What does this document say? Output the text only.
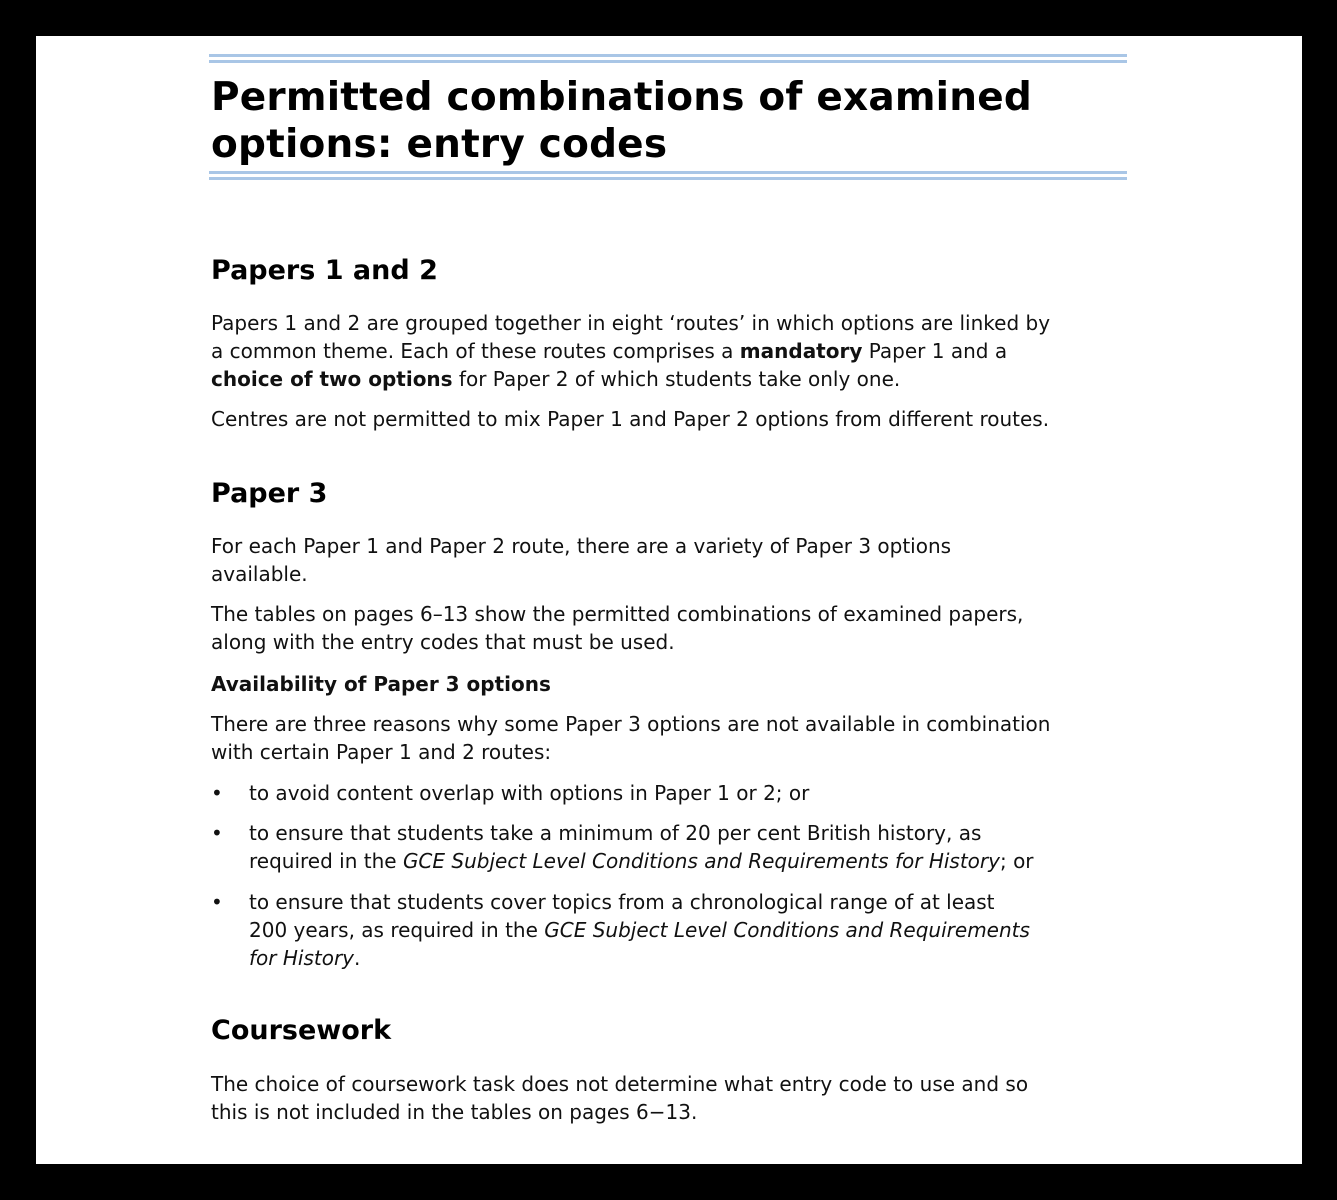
Permitted combinations of examined
options: entry codes
Papers 1 and 2

Papers 1 and 2 are grouped together in eight ‘routes’ in which options are linked by
a common theme. Each of these routes comprises a mandatory Paper 1 and a
choice of two options for Paper 2 of which students take only one.

Centres are not permitted to mix Paper 1 and Paper 2 options from different routes.

Paper 3

For each Paper 1 and Paper 2 route, there are a variety of Paper 3 options
available.

The tables on pages 6–13 show the permitted combinations of examined papers,
along with the entry codes that must be used.

Availability of Paper 3 options

There are three reasons why some Paper 3 options are not available in combination
with certain Paper 1 and 2 routes:

• to avoid content overlap with options in Paper 1 or 2; or
• to ensure that students take a minimum of 20 per cent British history, as
required in the GCE Subject Level Conditions and Requirements for History; or
• to ensure that students cover topics from a chronological range of at least
200 years, as required in the GCE Subject Level Conditions and Requirements
for History.
Coursework

The choice of coursework task does not determine what entry code to use and so
this is not included in the tables on pages 6−13.
